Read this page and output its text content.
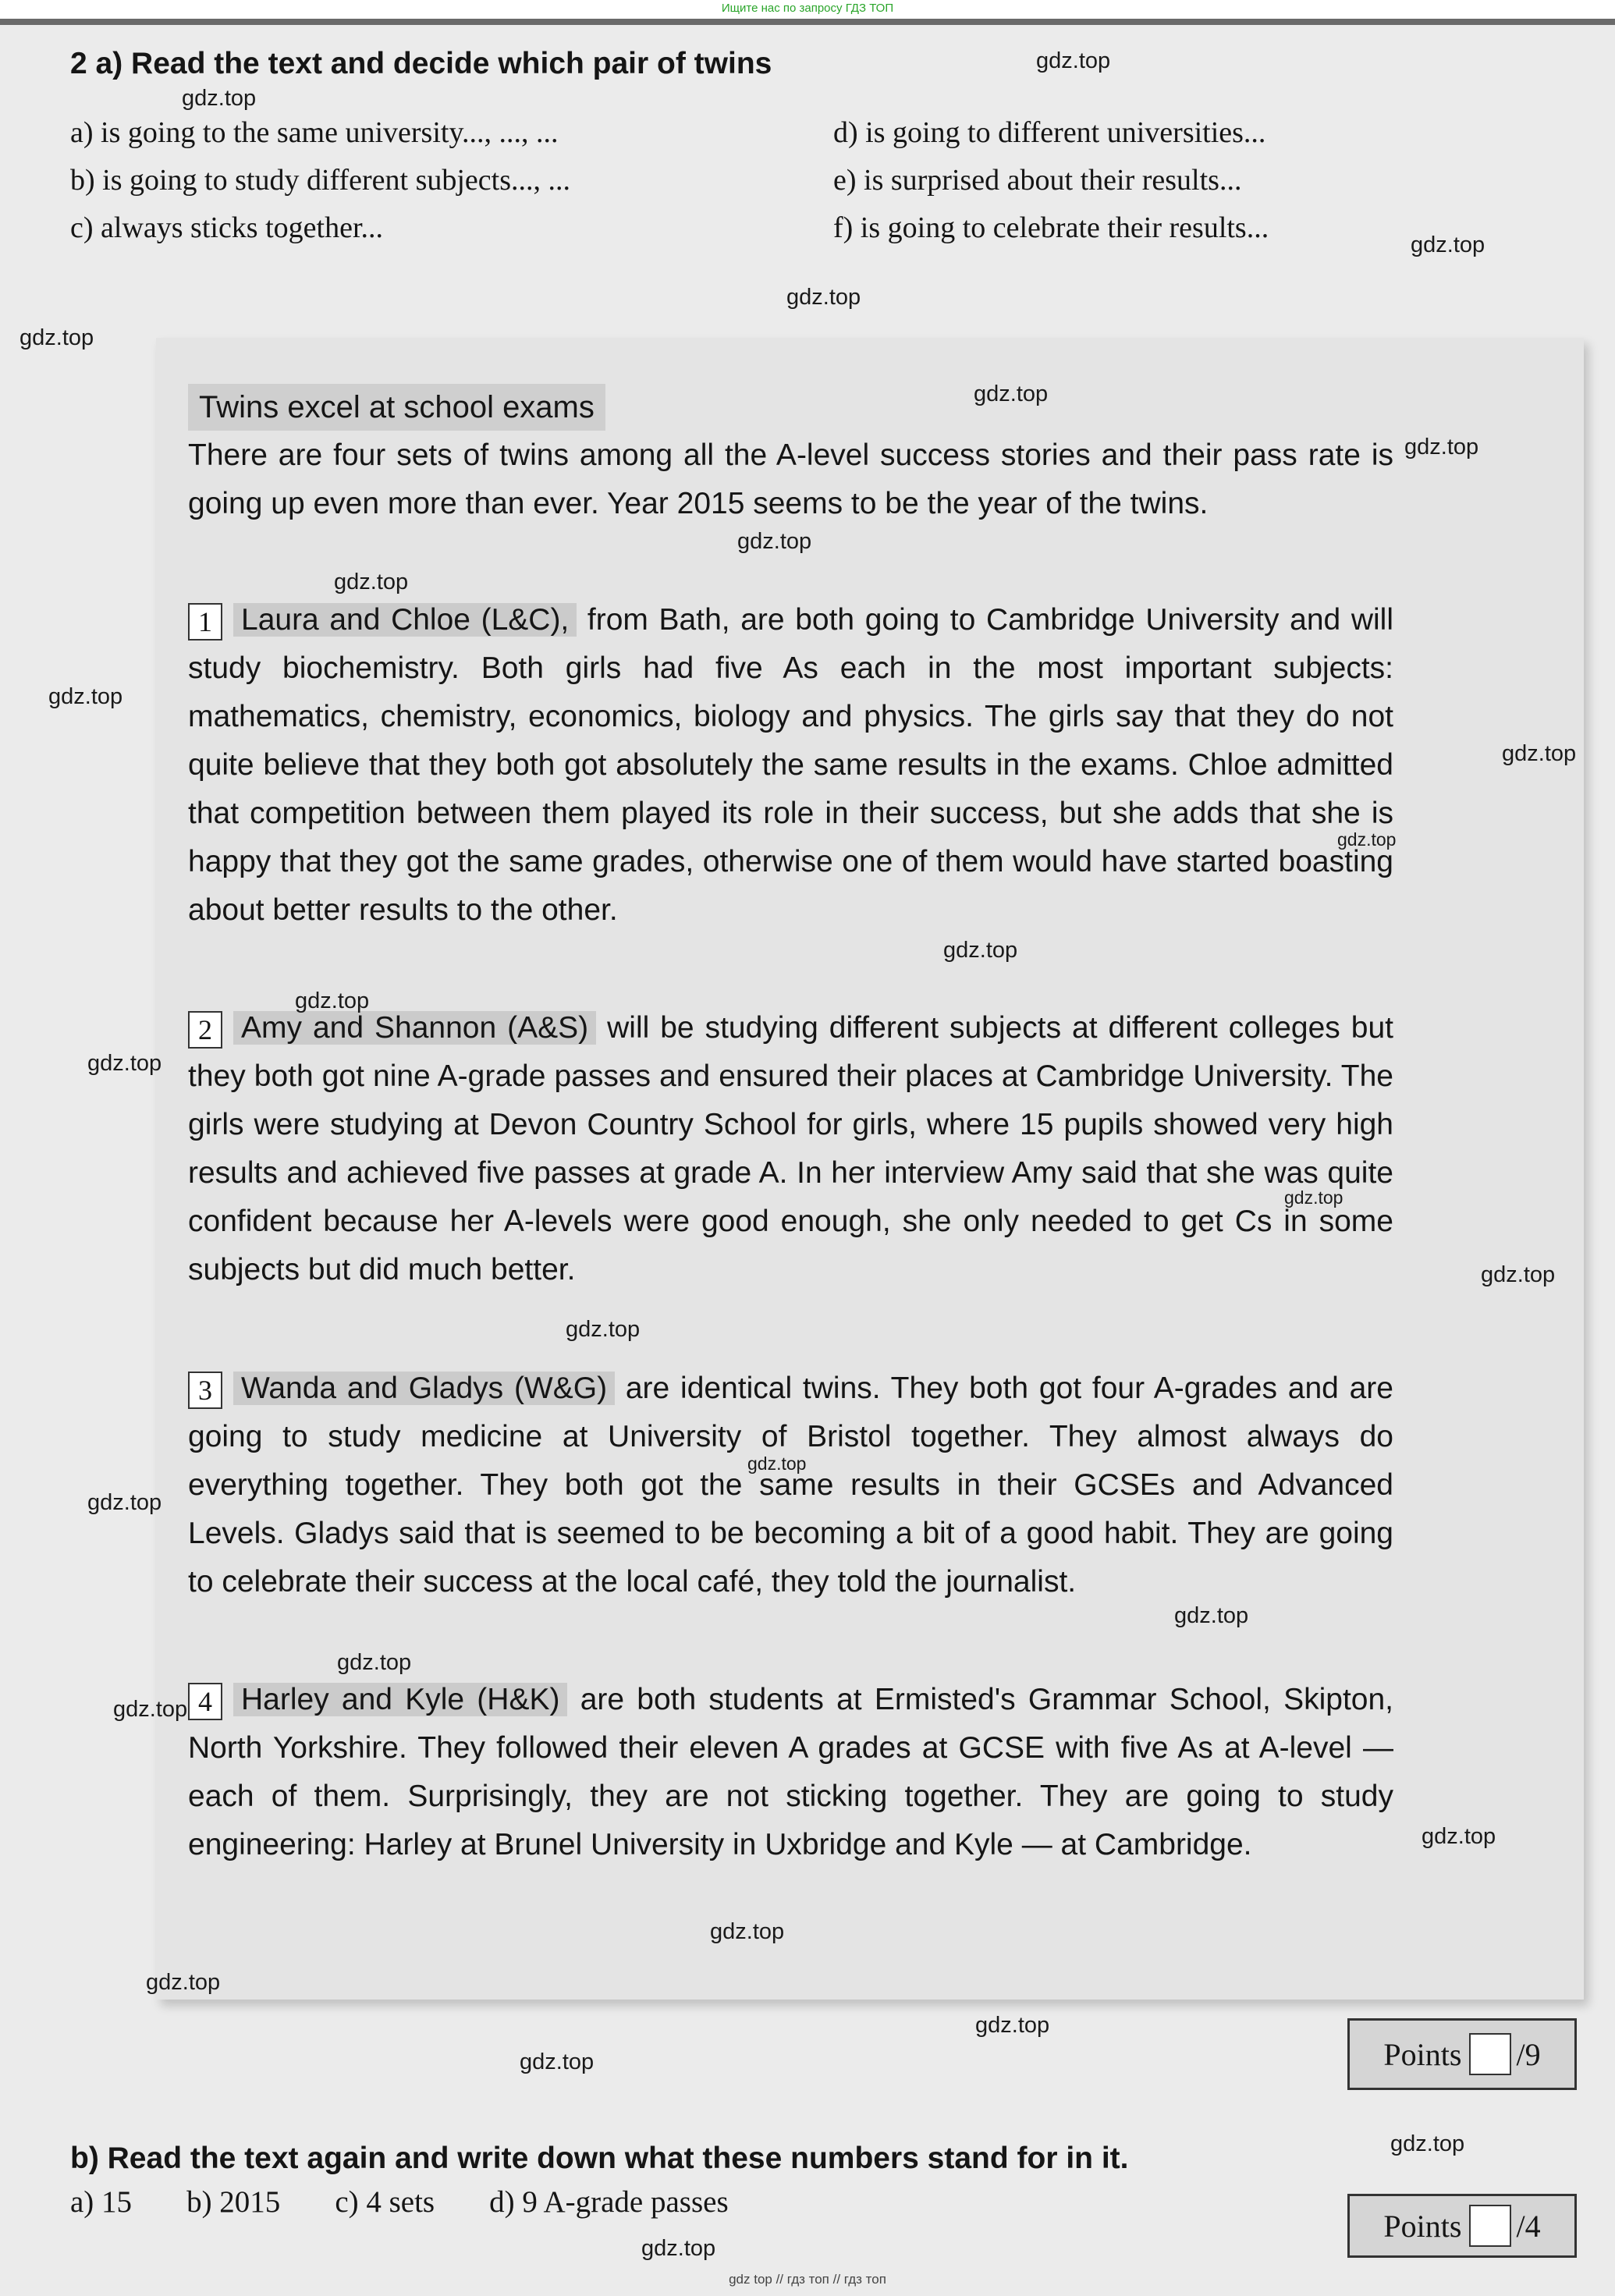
Ищите нас по запросу ГДЗ ТОП
2 a) Read the text and decide which pair of twins
a) is going to the same university..., ..., ...
b) is going to study different subjects..., ...
c) always sticks together...
d) is going to different universities...
e) is surprised about their results...
f) is going to celebrate their results...
Twins excel at school exams
There are four sets of twins among all the A-level success stories and their pass rate is going up even more than ever. Year 2015 seems to be the year of the twins.
1 Laura and Chloe (L&C), from Bath, are both going to Cambridge University and will study biochemistry. Both girls had five As each in the most important subjects: mathematics, chemistry, economics, biology and physics. The girls say that they do not quite believe that they both got absolutely the same results in the exams. Chloe admitted that competition between them played its role in their success, but she adds that she is happy that they got the same grades, otherwise one of them would have started boasting about better results to the other.
2 Amy and Shannon (A&S) will be studying different subjects at different colleges but they both got nine A-grade passes and ensured their places at Cambridge University. The girls were studying at Devon Country School for girls, where 15 pupils showed very high results and achieved five passes at grade A. In her interview Amy said that she was quite confident because her A-levels were good enough, she only needed to get Cs in some subjects but did much better.
3 Wanda and Gladys (W&G) are identical twins. They both got four A-grades and are going to study medicine at University of Bristol together. They almost always do everything together. They both got the same results in their GCSEs and Advanced Levels. Gladys said that is seemed to be becoming a bit of a good habit. They are going to celebrate their success at the local café, they told the journalist.
4 Harley and Kyle (H&K) are both students at Ermisted's Grammar School, Skipton, North Yorkshire. They followed their eleven A grades at GCSE with five As at A-level — each of them. Surprisingly, they are not sticking together. They are going to study engineering: Harley at Brunel University in Uxbridge and Kyle — at Cambridge.
Points /9
b) Read the text again and write down what these numbers stand for in it.
a) 15 b) 2015 c) 4 sets d) 9 A-grade passes
Points /4
gdz.top
gdz.top
gdz.top
gdz.top
gdz.top
gdz.top
gdz.top
gdz.top
gdz.top
gdz.top
gdz.top
gdz.top
gdz.top
gdz.top
gdz.top
gdz.top
gdz.top
gdz.top
gdz.top
gdz.top
gdz.top
gdz.top
gdz.top
gdz.top
gdz.top
gdz.top
gdz.top
gdz.top
gdz.top
gdz.top
gdz top // гдз топ // гдз топ
